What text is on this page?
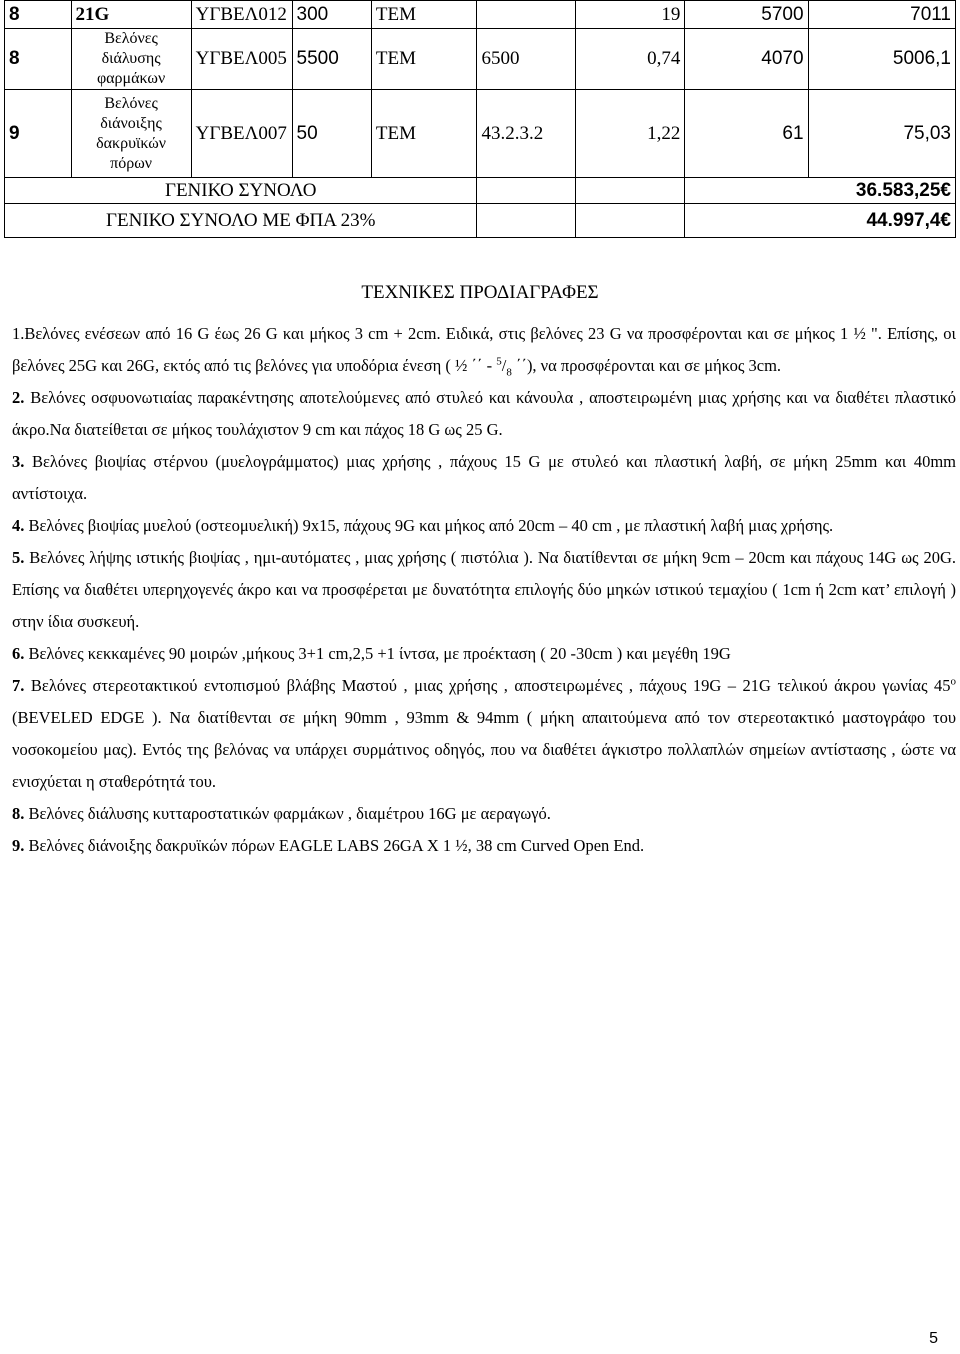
8	21G	ΥΓΒΕΛ012	300	ΤΕΜ		19	5700	7011
8	Βελόνες διάλυσης φαρμάκων	ΥΓΒΕΛ005	5500	ΤΕΜ	6500	0,74	4070	5006,1
9	Βελόνες διάνοιξης δακρυϊκών πόρων	ΥΓΒΕΛ007	50	ΤΕΜ	43.2.3.2	1,22	61	75,03
ΓΕΝΙΚΟ ΣΥΝΟΛΟ							36.583,25€	
ΓΕΝΙΚΟ ΣΥΝΟΛΟ ΜΕ ΦΠΑ 23%							44.997,4€	
ΤΕΧΝΙΚΕΣ ΠΡΟΔΙΑΓΡΑΦΕΣ

1.Βελόνες ενέσεων από 16 G έως 26 G και μήκος 3 cm + 2cm. Ειδικά, στις βελόνες 23 G να προσφέρονται και σε μήκος 1 ½ ". Επίσης, οι βελόνες 25G και 26G, εκτός από τις βελόνες για υποδόρια ένεση ( ½ ΄΄ - $^5/_8$ ΄΄), να προσφέρονται και σε μήκος 3cm.

2. Βελόνες οσφυονωτιαίας παρακέντησης αποτελούμενες από στυλεό και κάνουλα , αποστειρωμένη μιας χρήσης και να διαθέτει πλαστικό άκρο.Να διατείθεται σε μήκος τουλάχιστον 9 cm και πάχος 18 G ως 25 G.

3. Βελόνες βιοψίας στέρνου (μυελογράμματος) μιας χρήσης , πάχους 15 G με στυλεό και πλαστική λαβή, σε μήκη 25mm και 40mm αντίστοιχα.

4. Βελόνες βιοψίας μυελού (οστεομυελική) 9x15, πάχους 9G και μήκος από 20cm – 40 cm , με πλαστική λαβή μιας χρήσης.

5. Βελόνες λήψης ιστικής βιοψίας , ημι-αυτόματες , μιας χρήσης ( πιστόλια ). Να διατίθενται σε μήκη 9cm – 20cm και πάχους 14G ως 20G. Επίσης να διαθέτει υπερηχογενές άκρο και να προσφέρεται με δυνατότητα επιλογής δύο μηκών ιστικού τεμαχίου ( 1cm ή 2cm κατ’ επιλογή ) στην ίδια συσκευή.

6. Βελόνες κεκκαμένες 90 μοιρών ,μήκους 3+1 cm,2,5 +1 ίντσα, με προέκταση ( 20 -30cm ) και μεγέθη 19G

7. Βελόνες στερεοτακτικού εντοπισμού βλάβης Μαστού , μιας χρήσης , αποστειρωμένες , πάχους 19G – 21G τελικού άκρου γωνίας $45^o$ (BEVELED EDGE ). Να διατίθενται σε μήκη 90mm , 93mm & 94mm ( μήκη απαιτούμενα από τον στερεοτακτικό μαστογράφο του νοσοκομείου μας). Εντός της βελόνας να υπάρχει συρμάτινος οδηγός, που να διαθέτει άγκιστρο πολλαπλών σημείων αντίστασης , ώστε να ενισχύεται η σταθερότητά του.

8. Βελόνες διάλυσης κυτταροστατικών φαρμάκων , διαμέτρου 16G με αεραγωγό.

9. Βελόνες διάνοιξης δακρυϊκών πόρων EAGLE LABS 26GA X 1 ½, 38 cm Curved Open End.

5
